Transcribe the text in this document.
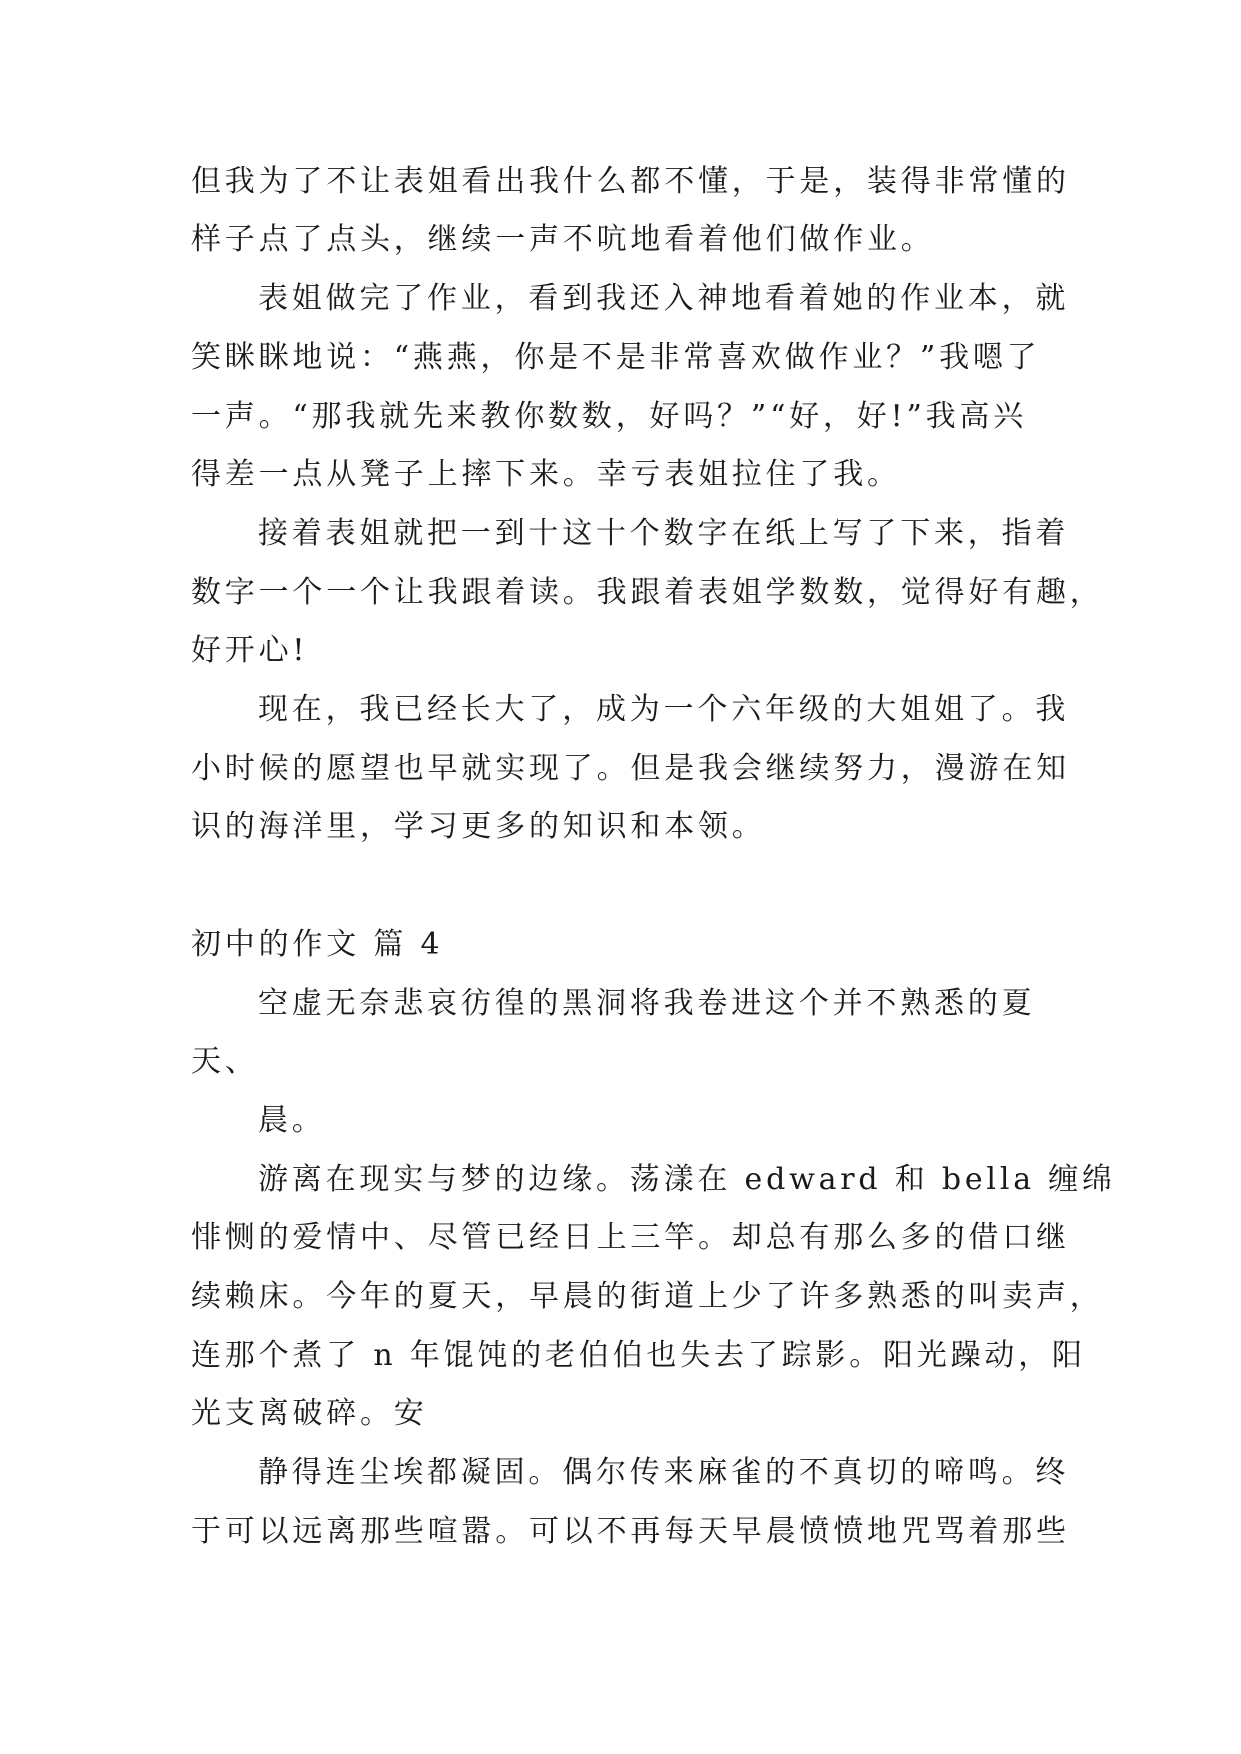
但我为了不让表姐看出我什么都不懂，于是，装得非常懂的
样子点了点头，继续一声不吭地看着他们做作业。
表姐做完了作业，看到我还入神地看着她的作业本，就
笑眯眯地说：“燕燕，你是不是非常喜欢做作业？”我嗯了
一声。“那我就先来教你数数，好吗？”“好，好!”我高兴
得差一点从凳子上摔下来。幸亏表姐拉住了我。
接着表姐就把一到十这十个数字在纸上写了下来，指着
数字一个一个让我跟着读。我跟着表姐学数数，觉得好有趣，
好开心!
现在，我已经长大了，成为一个六年级的大姐姐了。我
小时候的愿望也早就实现了。但是我会继续努力，漫游在知
识的海洋里，学习更多的知识和本领。
初中的作文 篇 4
空虚无奈悲哀彷徨的黑洞将我卷进这个并不熟悉的夏
天、
晨。
游离在现实与梦的边缘。荡漾在 edward 和 bella 缠绵
悱恻的爱情中、尽管已经日上三竿。却总有那么多的借口继
续赖床。今年的夏天，早晨的街道上少了许多熟悉的叫卖声，
连那个煮了 n 年馄饨的老伯伯也失去了踪影。阳光躁动，阳
光支离破碎。安
静得连尘埃都凝固。偶尔传来麻雀的不真切的啼鸣。终
于可以远离那些喧嚣。可以不再每天早晨愤愤地咒骂着那些
